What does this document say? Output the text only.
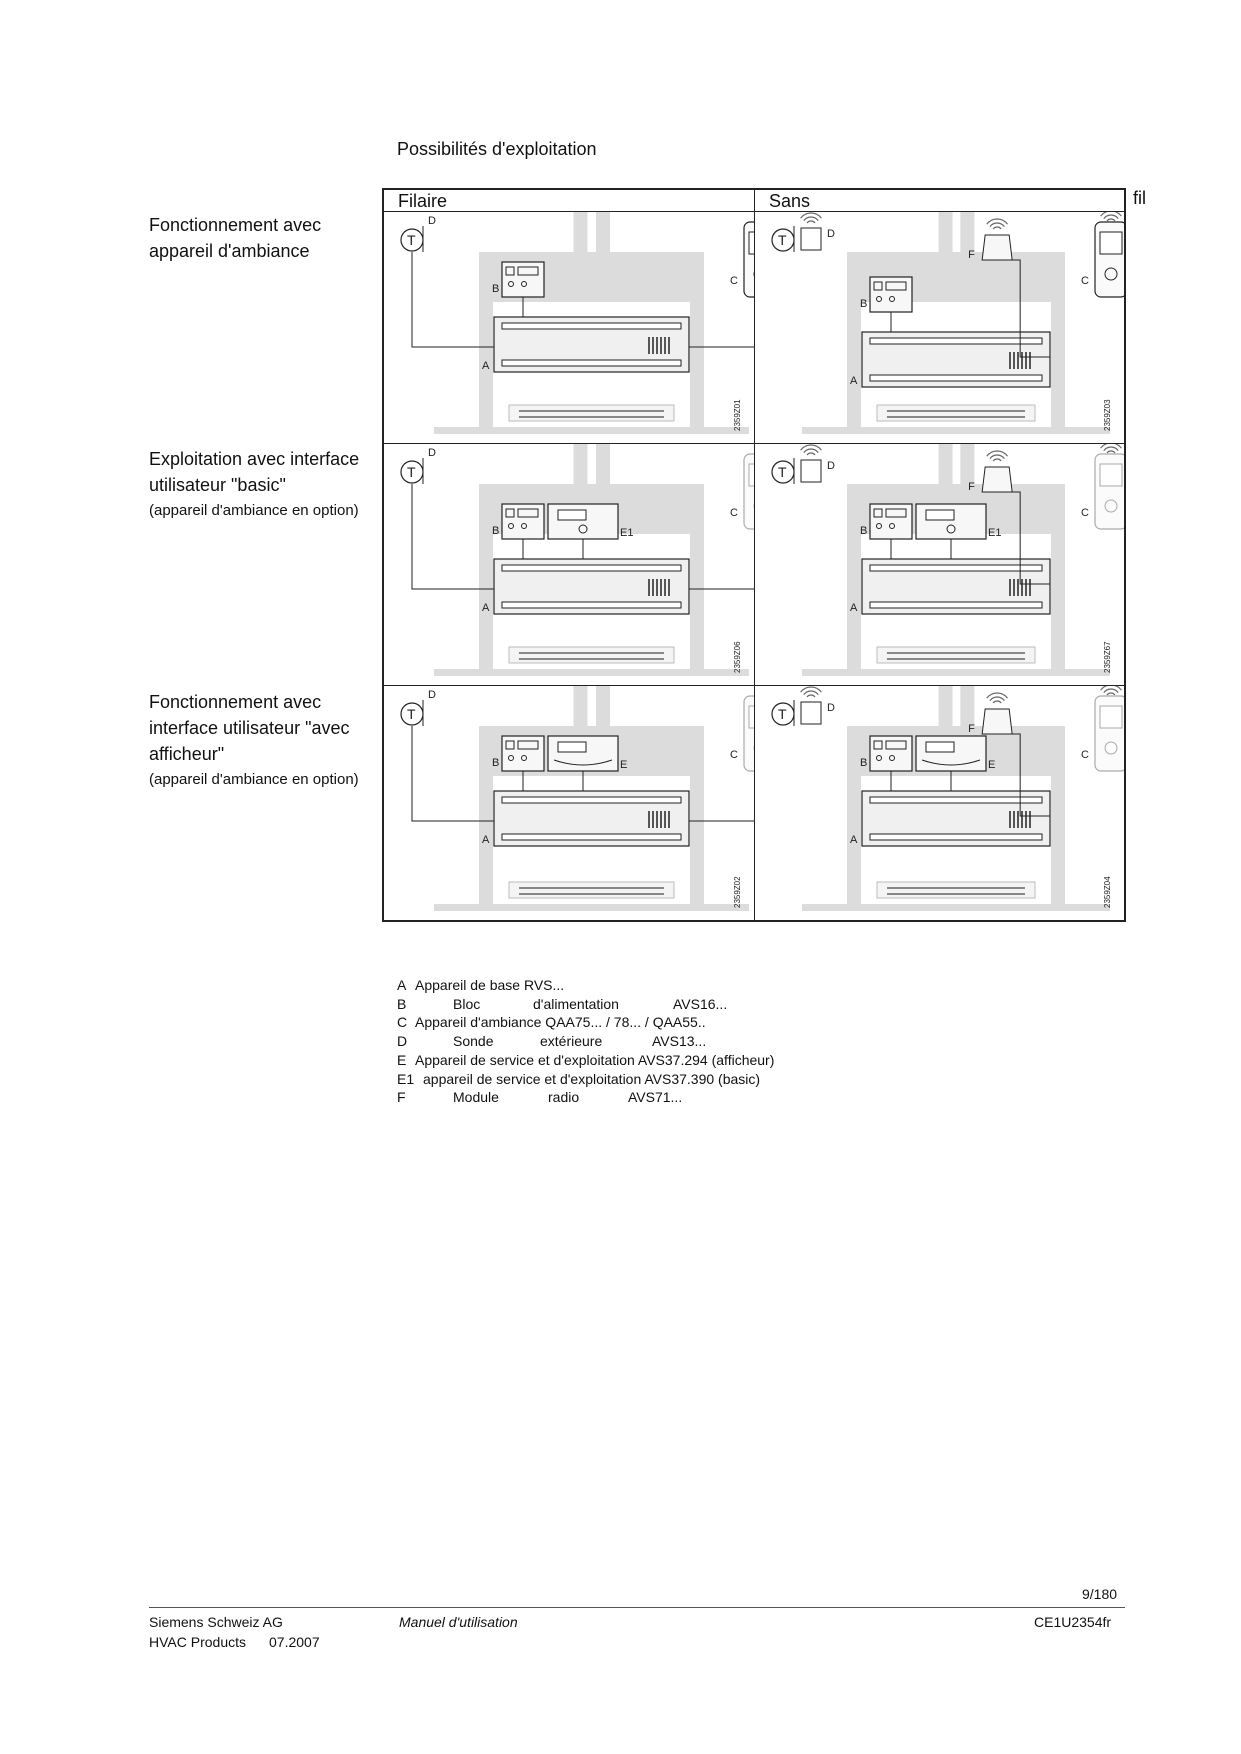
Possibilités d'exploitation
Fonctionnement avec
appareil d'ambiance
Exploitation avec interface
utilisateur "basic"
(appareil d'ambiance en option)
Fonctionnement avec
interface utilisateur "avec
afficheur"
(appareil d'ambiance en option)
fil
Filaire	Sans
A
B
C
T
D
2359Z01
A
B
C
T	D
F
2359Z03
A
B	E1
C
T
D
2359Z06
A
B	E1
C
T	D
F
2359Z67
A
B	E
C
T
D
2359Z02
A
B	E
C
T	D
F
2359Z04
A Appareil de base RVS...
B	Bloc	d'alimentation	AVS16...
C Appareil d'ambiance QAA75... / 78... / QAA55..
D	Sonde	extérieure	AVS13...
E Appareil de service et d'exploitation AVS37.294 (afficheur)
E1 appareil de service et d'exploitation AVS37.390 (basic)
F	Module	radio	AVS71...
9/180
Siemens Schweiz AG	Manuel d'utilisation	CE1U2354fr
HVAC Products 07.2007
